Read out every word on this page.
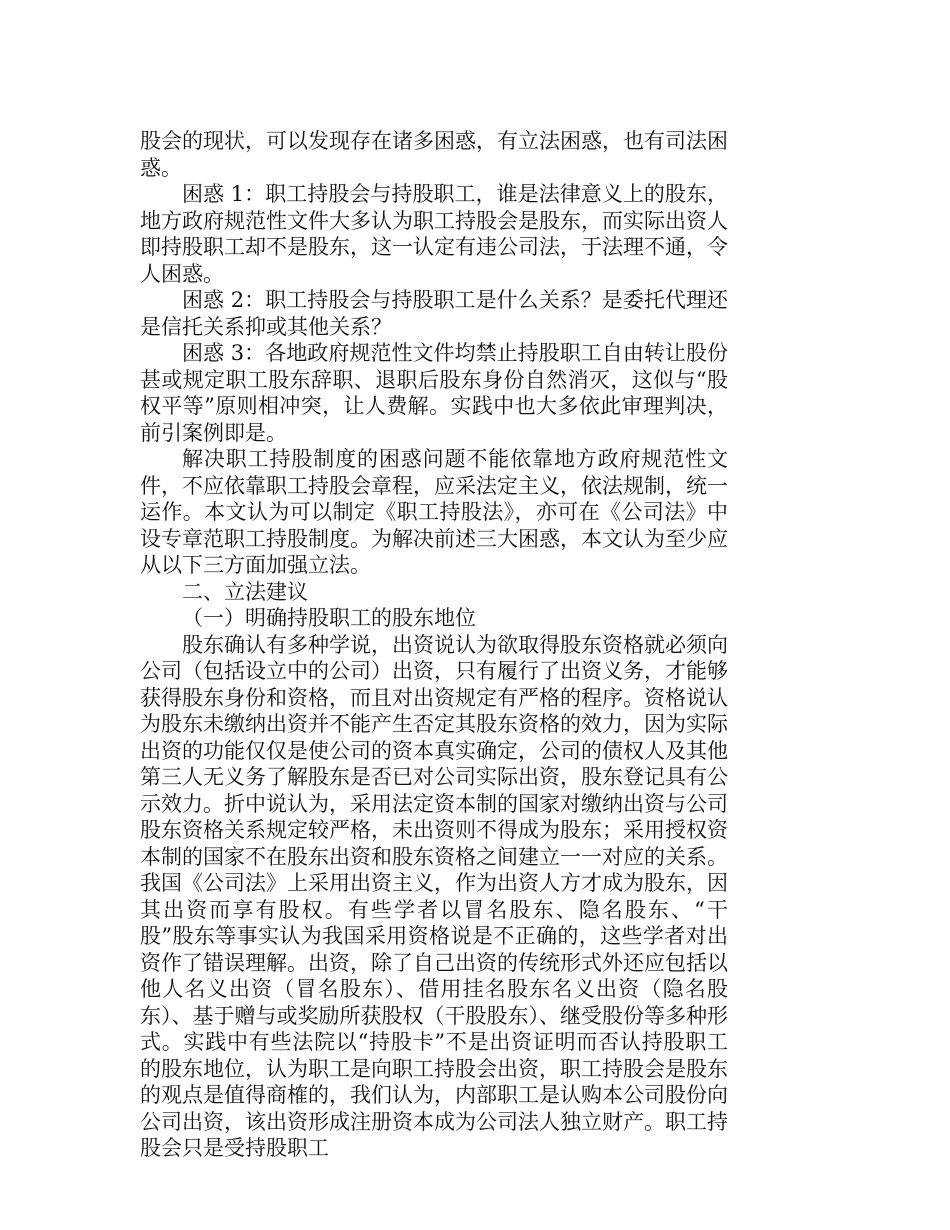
股会的现状，可以发现存在诸多困惑，有立法困惑，也有司法困惑。

困惑 1：职工持股会与持股职工，谁是法律意义上的股东，地方政府规范性文件大多认为职工持股会是股东，而实际出资人即持股职工却不是股东，这一认定有违公司法，于法理不通，令人困惑。

困惑 2：职工持股会与持股职工是什么关系？是委托代理还是信托关系抑或其他关系？

困惑 3：各地政府规范性文件均禁止持股职工自由转让股份甚或规定职工股东辞职、退职后股东身份自然消灭，这似与“股权平等”原则相冲突，让人费解。实践中也大多依此审理判决，前引案例即是。

解决职工持股制度的困惑问题不能依靠地方政府规范性文件，不应依靠职工持股会章程，应采法定主义，依法规制，统一运作。本文认为可以制定《职工持股法》，亦可在《公司法》中设专章范职工持股制度。为解决前述三大困惑，本文认为至少应从以下三方面加强立法。

二、立法建议

（一）明确持股职工的股东地位

股东确认有多种学说，出资说认为欲取得股东资格就必须向公司（包括设立中的公司）出资，只有履行了出资义务，才能够获得股东身份和资格，而且对出资规定有严格的程序。资格说认为股东未缴纳出资并不能产生否定其股东资格的效力，因为实际出资的功能仅仅是使公司的资本真实确定，公司的债权人及其他第三人无义务了解股东是否已对公司实际出资，股东登记具有公示效力。折中说认为，采用法定资本制的国家对缴纳出资与公司股东资格关系规定较严格，未出资则不得成为股东；采用授权资本制的国家不在股东出资和股东资格之间建立一一对应的关系。我国《公司法》上采用出资主义，作为出资人方才成为股东，因其出资而享有股权。有些学者以冒名股东、隐名股东、“干股”股东等事实认为我国采用资格说是不正确的，这些学者对出资作了错误理解。出资，除了自己出资的传统形式外还应包括以他人名义出资（冒名股东）、借用挂名股东名义出资（隐名股东）、基于赠与或奖励所获股权（干股股东）、继受股份等多种形式。实践中有些法院以“持股卡”不是出资证明而否认持股职工的股东地位，认为职工是向职工持股会出资，职工持股会是股东的观点是值得商榷的，我们认为，内部职工是认购本公司股份向公司出资，该出资形成注册资本成为公司法人独立财产。职工持股会只是受持股职工
